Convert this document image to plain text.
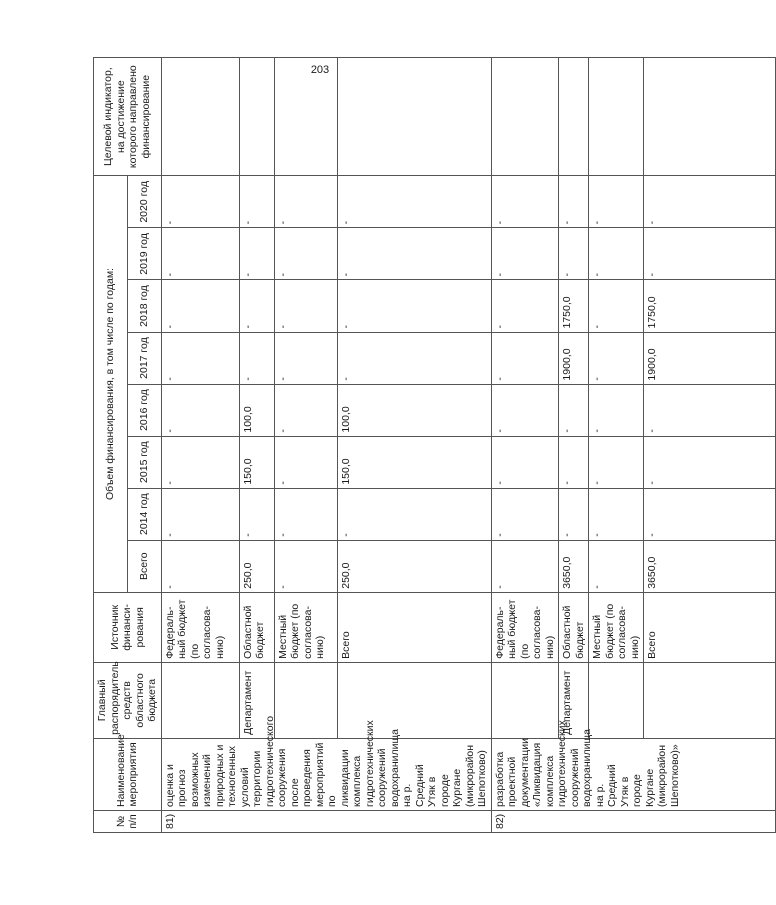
203
№ п/п	Наименование мероприятия	Главный распорядитель средств областного бюджета	Источник финанси-рования	Объем финансирования, в том числе по годам:								Целевой индикатор, на достижение которого направлено финансирование
				Всего	2014 год	2015 год	2016 год	2017 год	2018 год	2019 год	2020 год	
81)	оценка и прогноз возможных изменений природных и техногенных условий территории гидротехнического сооружения после проведения мероприятий по ликвидации комплекса гидротехнических сооружений водохранилища на р. Средний Утяк в городе Кургане (микрорайон Шепотково)		Федераль-ный бюджет (по согласова-нию)	-	-	-	-	-	-	-	-	
		Департамент	Областной бюджет	250,0	-	150,0	100,0	-	-	-	-	
			Местный бюджет (по согласова-нию)	-	-	-	-	-	-	-	-	
			Всего	250,0	-	150,0	100,0	-	-	-	-	
82)	разработка проектной документации «Ликвидация комплекса гидротехнических сооружений водохранилища на р. Средний Утяк в городе Кургане (микрорайон Шепотково)»		Федераль-ный бюджет (по согласова-нию)	-	-	-	-	-	-	-	-	
		Департамент	Областной бюджет	3650,0	-	-	-	1900,0	1750,0	-	-	
			Местный бюджет (по согласова-нию)	-	-	-	-	-	-	-	-	
			Всего	3650,0	-	-	-	1900,0	1750,0	-	-	
